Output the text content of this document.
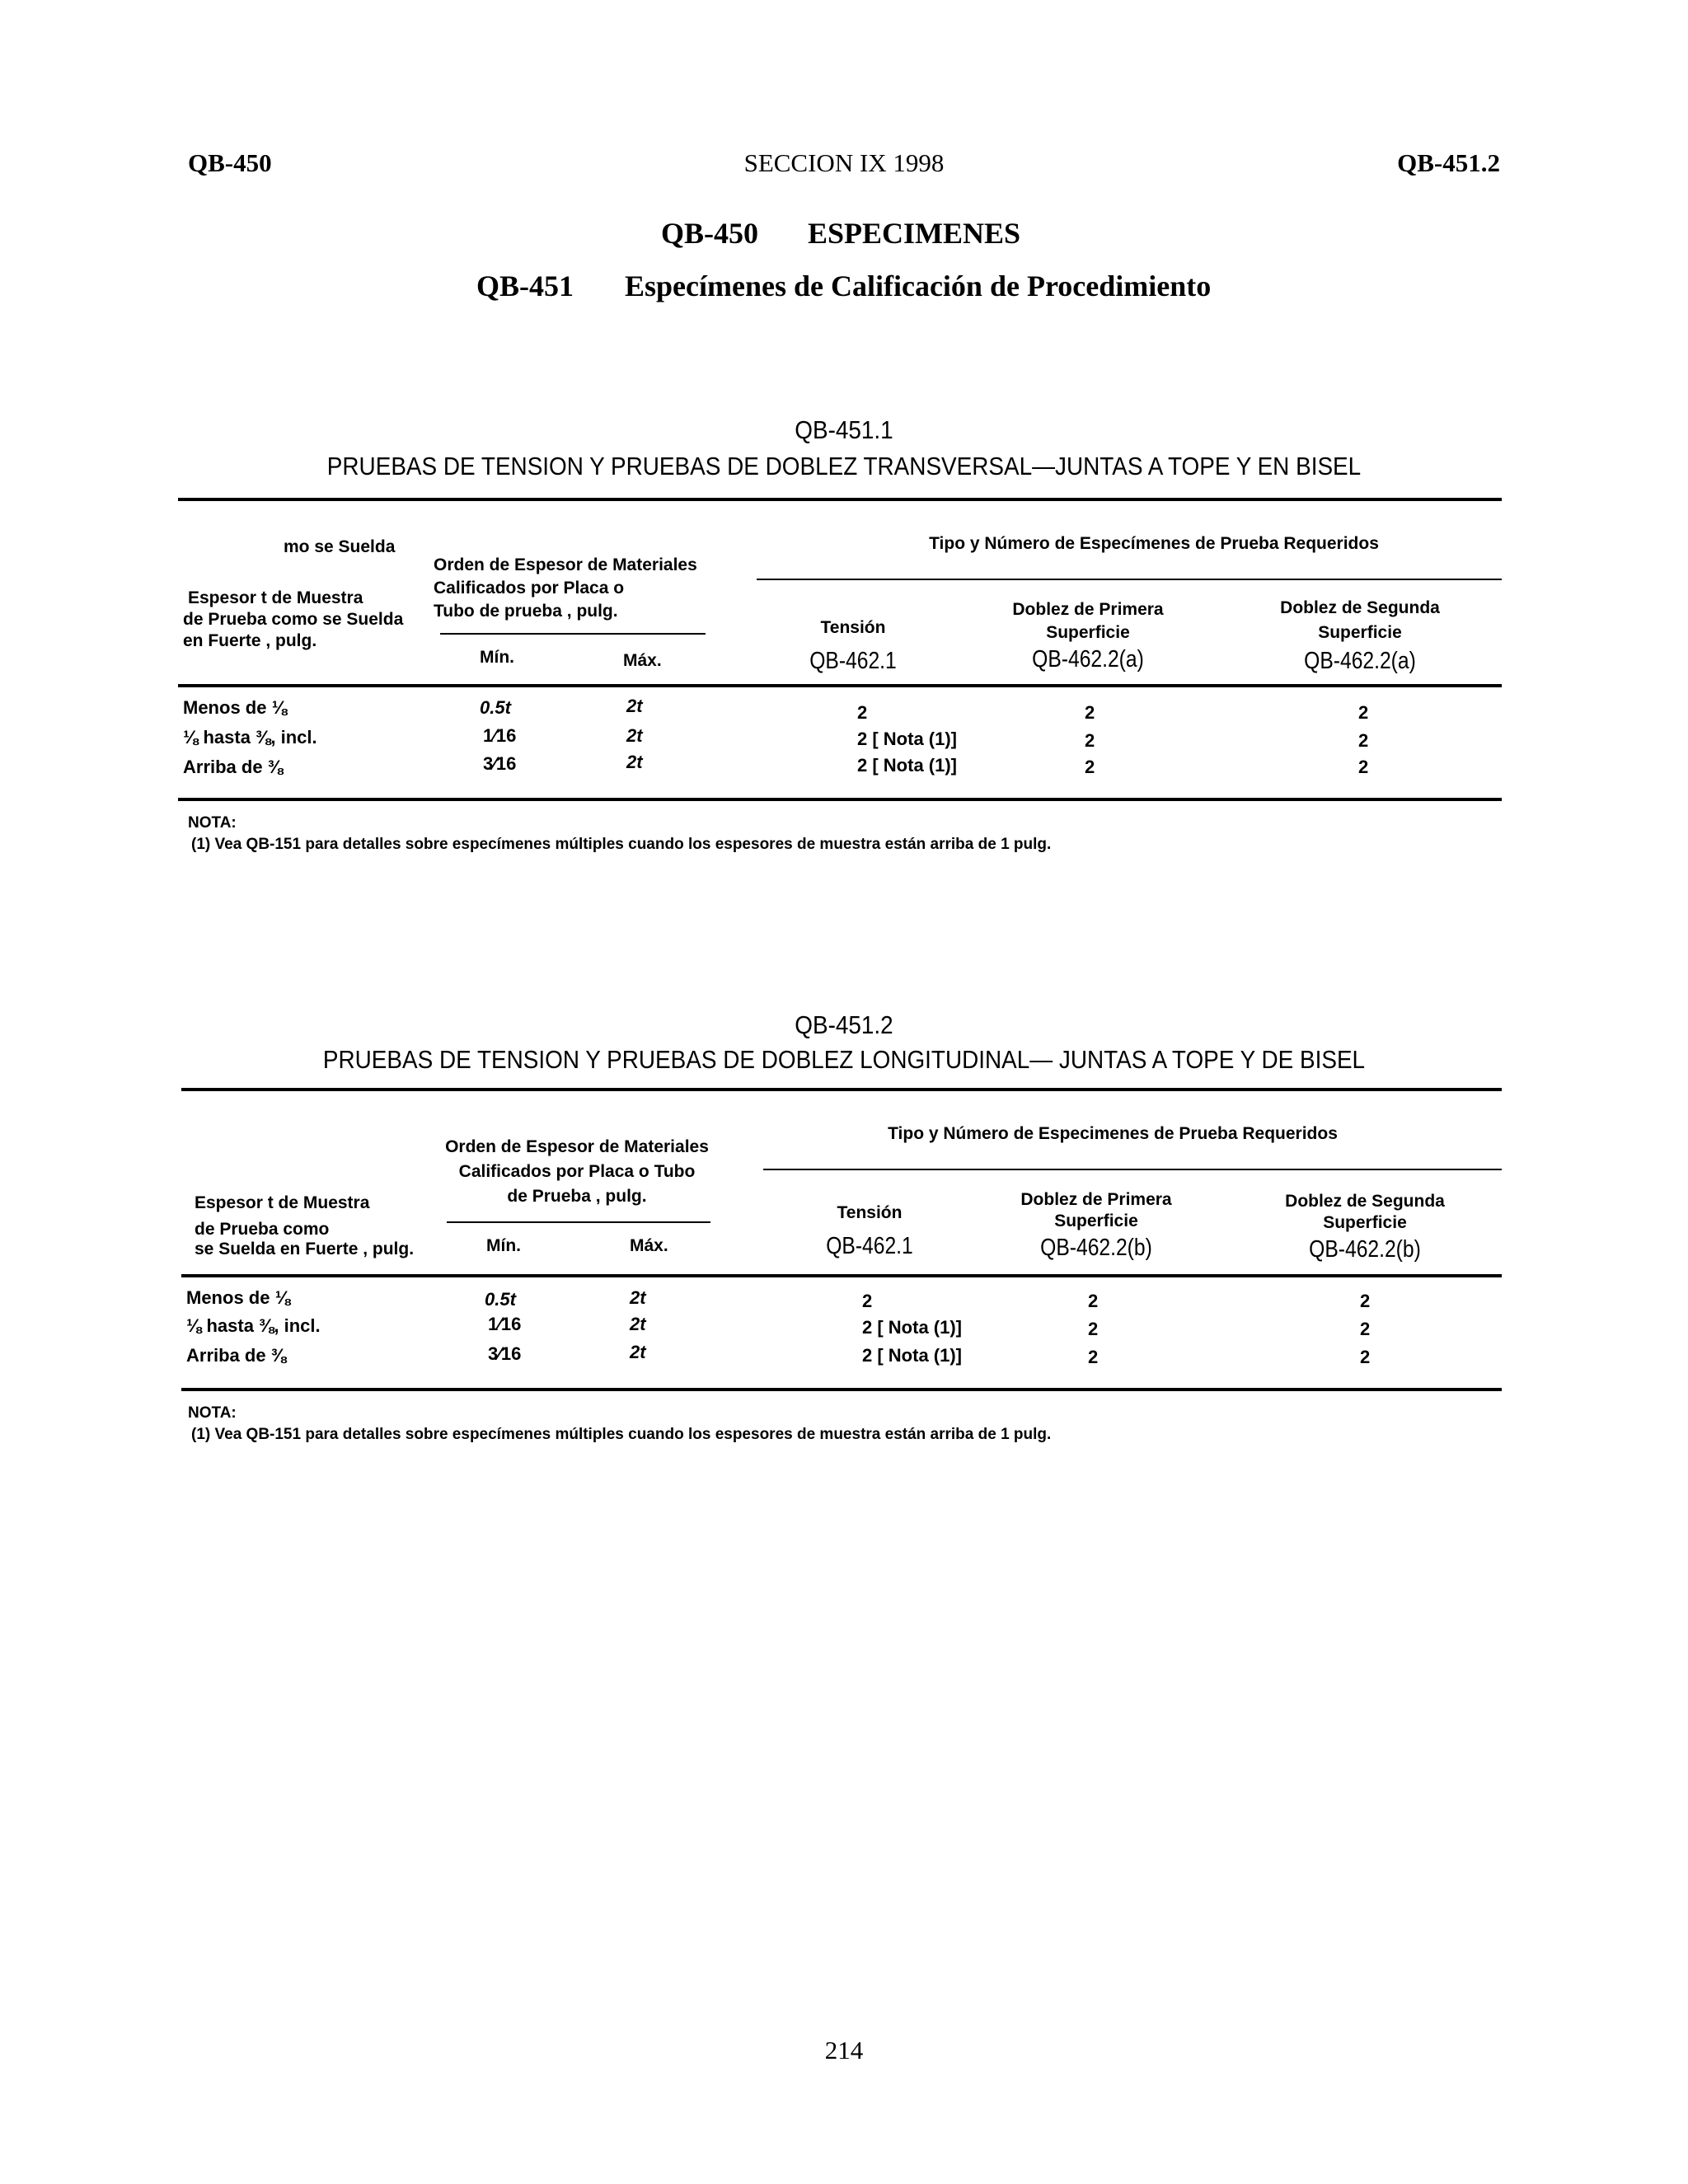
QB-450	SECCION IX 1998	QB-451.2
QB-450 ESPECIMENES
QB-451 Especímenes de Calificación de Procedimiento
QB-451.1
PRUEBAS DE TENSION Y PRUEBAS DE DOBLEZ TRANSVERSAL—JUNTAS A TOPE Y EN BISEL
mo se Suelda
Espesor t de Muestra
de Prueba como se Suelda
en Fuerte , pulg.
Orden de Espesor de Materiales
Calificados por Placa o
Tubo de prueba , pulg.
Mín.	Máx.
Tipo y Número de Especímenes de Prueba Requeridos
Tensión
QB-462.1
Doblez de Primera
Superficie
QB-462.2(a)
Doblez de Segunda
Superficie
QB-462.2(a)
Menos de ⅛	0.5t	2t	2	2	2
⅛ hasta ⅜, incl.	1⁄16	2t	2 [ Nota (1)]	2	2
Arriba de ⅜	3⁄16	2t	2 [ Nota (1)]	2	2
NOTA:
(1) Vea QB-151 para detalles sobre especímenes múltiples cuando los espesores de muestra están arriba de 1 pulg.
QB-451.2
PRUEBAS DE TENSION Y PRUEBAS DE DOBLEZ LONGITUDINAL— JUNTAS A TOPE Y DE BISEL
Espesor t de Muestra
de Prueba como
se Suelda en Fuerte , pulg.
Orden de Espesor de Materiales
Calificados por Placa o Tubo
de Prueba , pulg.
Mín.	Máx.
Tipo y Número de Especimenes de Prueba Requeridos
Tensión
QB-462.1
Doblez de Primera
Superficie
QB-462.2(b)
Doblez de Segunda
Superficie
QB-462.2(b)
Menos de ⅛	0.5t	2t	2	2	2
⅛ hasta ⅜, incl.	1⁄16	2t	2 [ Nota (1)]	2	2
Arriba de ⅜	3⁄16	2t	2 [ Nota (1)]	2	2
NOTA:
(1) Vea QB-151 para detalles sobre especímenes múltiples cuando los espesores de muestra están arriba de 1 pulg.
214
